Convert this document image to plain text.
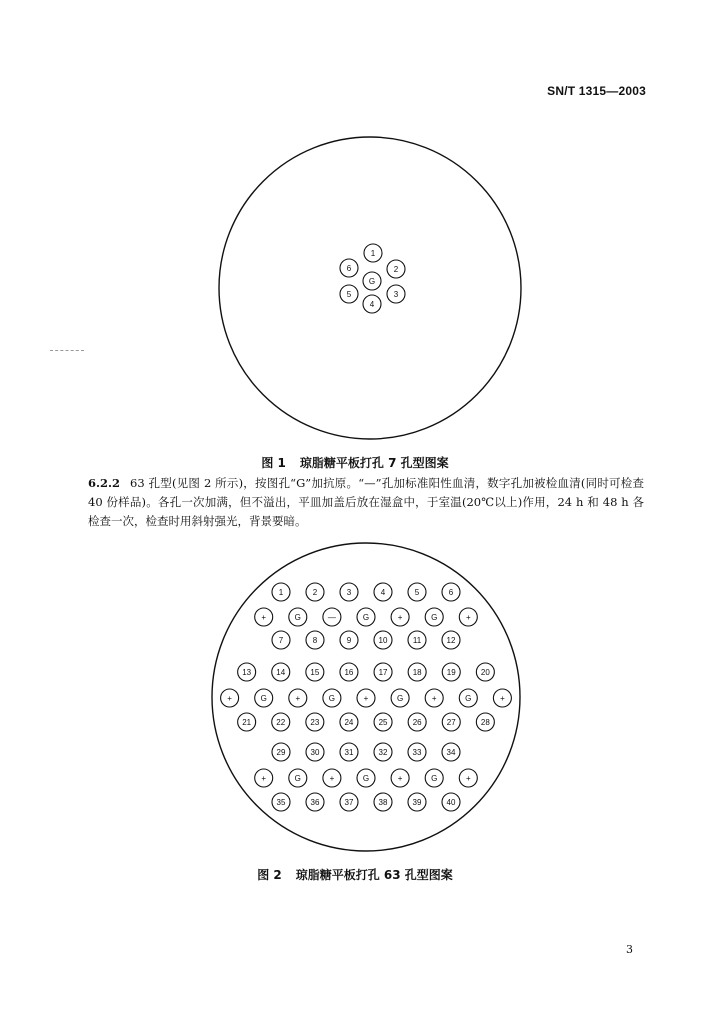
SN/T 1315—2003
1
2
3
4
5
6
G
图 1 琼脂糖平板打孔 7 孔型图案

6.2.2 63 孔型(见图 2 所示)，按图孔“G”加抗原。“—”孔加标准阳性血清，数字孔加被检血清(同时可检查 40 份样品)。各孔一次加满，但不溢出，平皿加盖后放在湿盒中，于室温(20℃以上)作用，24 h 和 48 h 各检查一次，检查时用斜射强光，背景要暗。

1	2	3	4	5	6
+	G	—	G	+	G	+
7	8	9	10	11	12
13	14	15	16	17	18	19	20
+	G	+	G	+	G	+	G	+
21	22	23	24	25	26	27	28
29	30	31	32	33	34
+	G	+	G	+	G	+
35	36	37	38	39	40
图 2 琼脂糖平板打孔 63 孔型图案
3
